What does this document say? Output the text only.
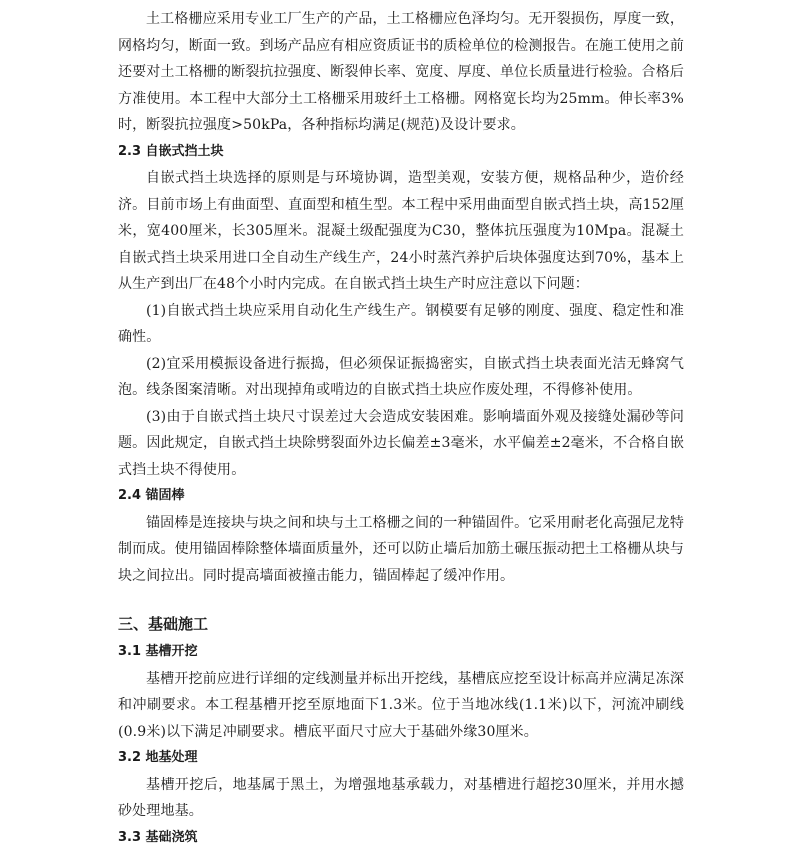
土工格栅应采用专业工厂生产的产品，土工格栅应色泽均匀。无开裂损伤，厚度一致，网格均匀，断面一致。到场产品应有相应资质证书的质检单位的检测报告。在施工使用之前还要对土工格栅的断裂抗拉强度、断裂伸长率、宽度、厚度、单位长质量进行检验。合格后方准使用。本工程中大部分土工格栅采用玻纤土工格栅。网格宽长均为25mm。伸长率3%时，断裂抗拉强度>50kPa，各种指标均满足(规范)及设计要求。

2.3 自嵌式挡土块

自嵌式挡土块选择的原则是与环境协调，造型美观，安装方便，规格品种少，造价经济。目前市场上有曲面型、直面型和植生型。本工程中采用曲面型自嵌式挡土块，高152厘米，宽400厘米，长305厘米。混凝土级配强度为C30，整体抗压强度为10Mpa。混凝土自嵌式挡土块采用进口全自动生产线生产，24小时蒸汽养护后块体强度达到70%，基本上从生产到出厂在48个小时内完成。在自嵌式挡土块生产时应注意以下问题：

(1)自嵌式挡土块应采用自动化生产线生产。钢模要有足够的刚度、强度、稳定性和准确性。

(2)宜采用模振设备进行振捣，但必须保证振捣密实，自嵌式挡土块表面光洁无蜂窝气泡。线条图案清晰。对出现掉角或啃边的自嵌式挡土块应作废处理，不得修补使用。

(3)由于自嵌式挡土块尺寸误差过大会造成安装困难。影响墙面外观及接缝处漏砂等问题。因此规定，自嵌式挡土块除劈裂面外边长偏差±3毫米，水平偏差±2毫米，不合格自嵌式挡土块不得使用。

2.4 锚固棒

锚固棒是连接块与块之间和块与土工格栅之间的一种锚固件。它采用耐老化高强尼龙特制而成。使用锚固棒除整体墙面质量外，还可以防止墙后加筋土碾压振动把土工格栅从块与块之间拉出。同时提高墙面被撞击能力，锚固棒起了缓冲作用。

三、基础施工
3.1 基槽开挖

基槽开挖前应进行详细的定线测量并标出开挖线，基槽底应挖至设计标高并应满足冻深和冲刷要求。本工程基槽开挖至原地面下1.3米。位于当地冰线(1.1米)以下，河流冲刷线(0.9米)以下满足冲刷要求。槽底平面尺寸应大于基础外缘30厘米。

3.2 地基处理

基槽开挖后，地基属于黑土，为增强地基承载力，对基槽进行超挖30厘米，并用水撼砂处理地基。

3.3 基础浇筑
